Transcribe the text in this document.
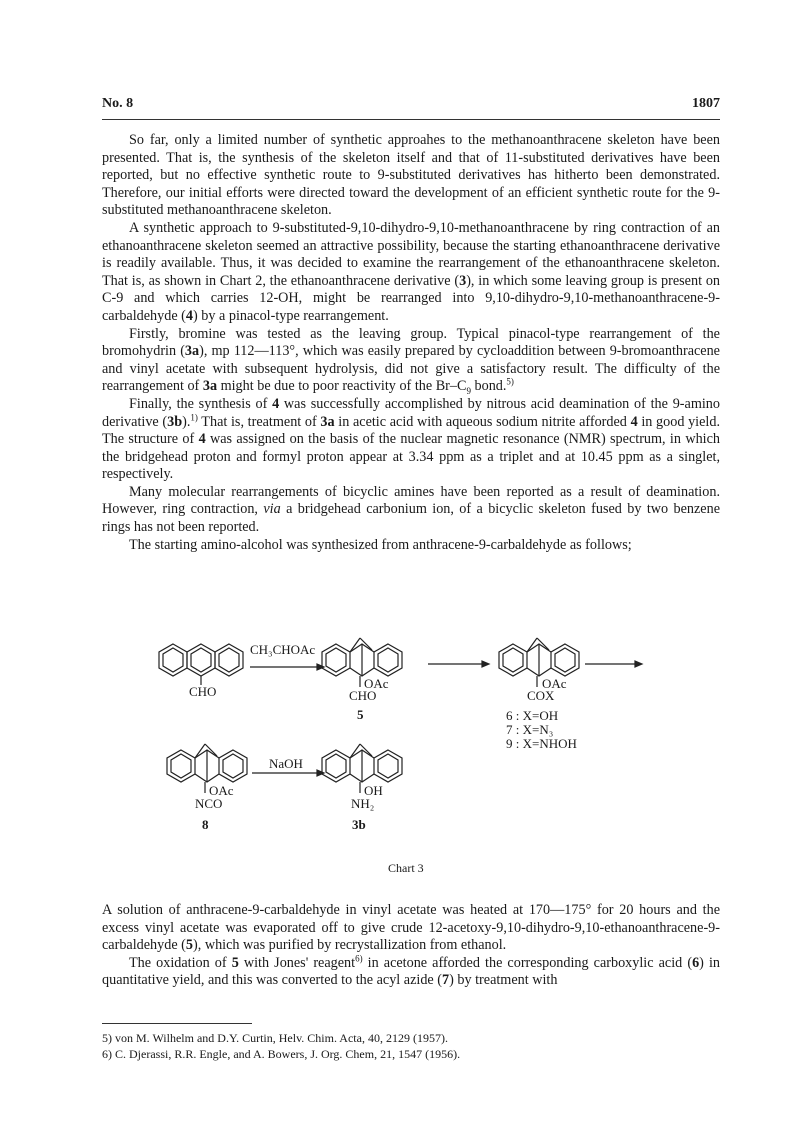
No. 8	1807

So far, only a limited number of synthetic approahes to the methanoanthracene skeleton have been presented. That is, the synthesis of the skeleton itself and that of 11-substituted derivatives have been reported, but no effective synthetic route to 9-substituted derivatives has hitherto been demonstrated. Therefore, our initial efforts were directed toward the development of an efficient synthetic route for the 9-substituted methanoanthracene skeleton.

A synthetic approach to 9-substituted-9,10-dihydro-9,10-methanoanthracene by ring contraction of an ethanoanthracene skeleton seemed an attractive possibility, because the starting ethanoanthracene derivative is readily available. Thus, it was decided to examine the rearrangement of the ethanoanthracene skeleton. That is, as shown in Chart 2, the ethanoanthracene derivative (3), in which some leaving group is present on C-9 and which carries 12-OH, might be rearranged into 9,10-dihydro-9,10-methanoanthracene-9-carbaldehyde (4) by a pinacol-type rearrangement.

Firstly, bromine was tested as the leaving group. Typical pinacol-type rearrangement of the bromohydrin (3a), mp 112—113°, which was easily prepared by cycloaddition between 9-bromoanthracene and vinyl acetate with subsequent hydrolysis, did not give a satisfactory result. The difficulty of the rearrangement of 3a might be due to poor reactivity of the $Br-C_9$ bond.$^{5)}$

Finally, the synthesis of 4 was successfully accomplished by nitrous acid deamination of the 9-amino derivative (3b).$^{1)}$ That is, treatment of 3a in acetic acid with aqueous sodium nitrite afforded 4 in good yield. The structure of 4 was assigned on the basis of the nuclear magnetic resonance (NMR) spectrum, in which the bridgehead proton and formyl proton appear at 3.34 ppm as a triplet and at 10.45 ppm as a singlet, respectively.

Many molecular rearrangements of bicyclic amines have been reported as a result of deamination. However, ring contraction, via a bridgehead carbonium ion, of a bicyclic skeleton fused by two benzene rings has not been reported.

The starting amino-alcohol was synthesized from anthracene-9-carbaldehyde as follows;

CH₃CHOAc
CHO
OAc
CHO
5
OAc
COX
6 : X=OH
7 : X=N₃
9 : X=NHOH
NaOH
OAc
NCO
8
OH
NH₂
3b
Chart 3

A solution of anthracene-9-carbaldehyde in vinyl acetate was heated at 170—175° for 20 hours and the excess vinyl acetate was evaporated off to give crude 12-acetoxy-9,10-dihydro-9,10-ethanoanthracene-9-carbaldehyde (5), which was purified by recrystallization from ethanol.

The oxidation of 5 with Jones' reagent$^{6)}$ in acetone afforded the corresponding carboxylic acid (6) in quantitative yield, and this was converted to the acyl azide (7) by treatment with

5) von M. Wilhelm and D.Y. Curtin, Helv. Chim. Acta, 40, 2129 (1957).
6) C. Djerassi, R.R. Engle, and A. Bowers, J. Org. Chem, 21, 1547 (1956).
